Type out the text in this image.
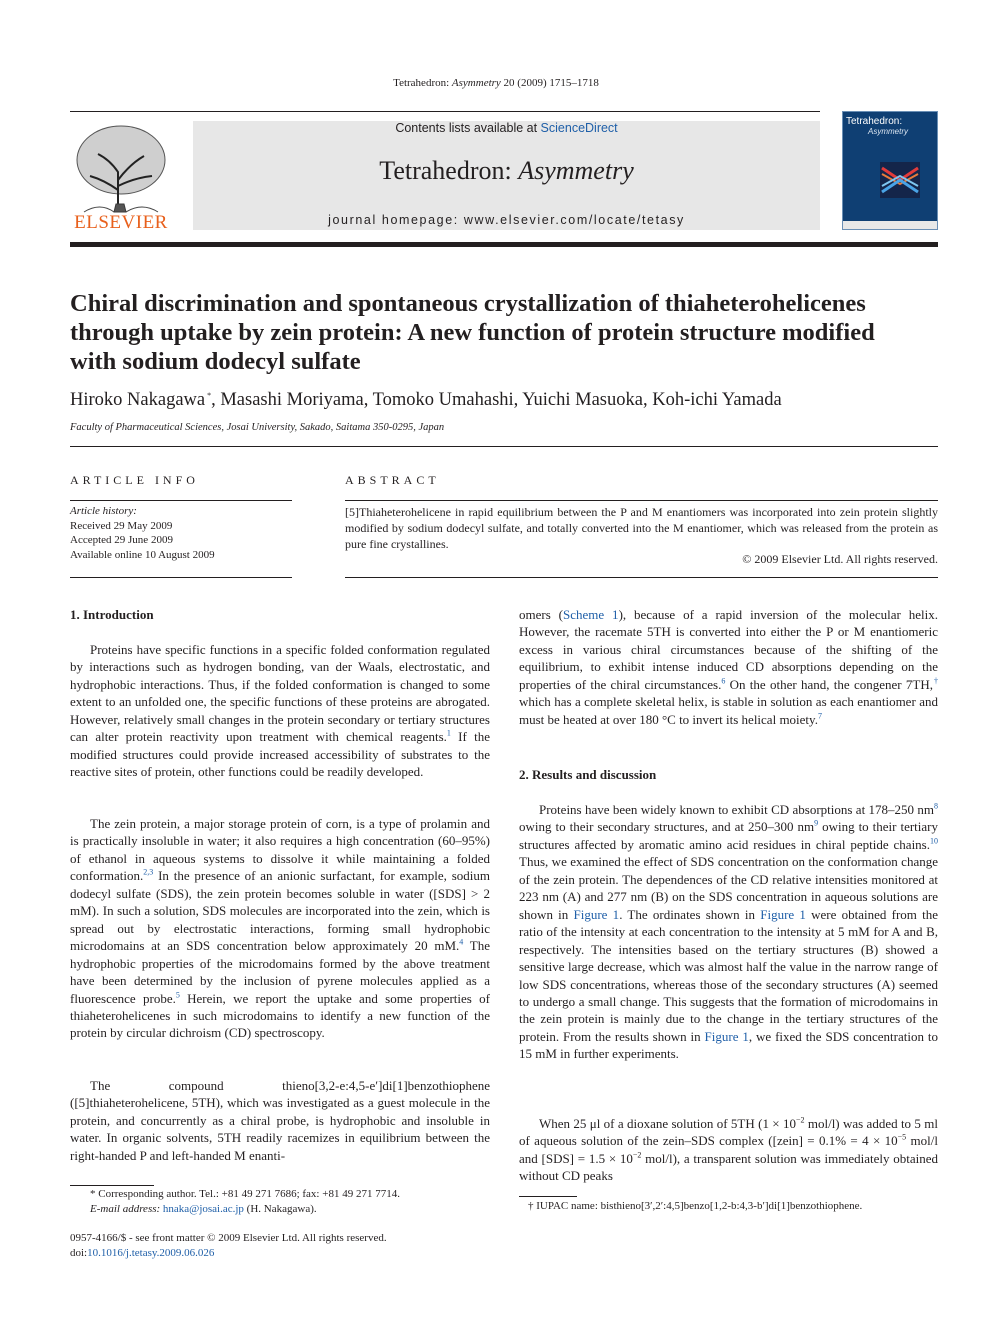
Tetrahedron: Asymmetry 20 (2009) 1715–1718
ELSEVIER
Contents lists available at ScienceDirect
Tetrahedron: Asymmetry
journal homepage: www.elsevier.com/locate/tetasy
Tetrahedron:
Asymmetry
Chiral discrimination and spontaneous crystallization of thiaheterohelicenes through uptake by zein protein: A new function of protein structure modified with sodium dodecyl sulfate
Hiroko Nakagawa *, Masashi Moriyama, Tomoko Umahashi, Yuichi Masuoka, Koh-ichi Yamada
Faculty of Pharmaceutical Sciences, Josai University, Sakado, Saitama 350-0295, Japan
ARTICLE INFO	ABSTRACT
Article history:
Received 29 May 2009
Accepted 29 June 2009
Available online 10 August 2009
[5]Thiaheterohelicene in rapid equilibrium between the P and M enantiomers was incorporated into zein protein slightly modified by sodium dodecyl sulfate, and totally converted into the M enantiomer, which was released from the protein as pure fine crystallines.
© 2009 Elsevier Ltd. All rights reserved.
1. Introduction
2. Results and discussion

Proteins have specific functions in a specific folded conformation regulated by interactions such as hydrogen bonding, van der Waals, electrostatic, and hydrophobic interactions. Thus, if the folded conformation is changed to some extent to an unfolded one, the specific functions of these proteins are abrogated. However, relatively small changes in the protein secondary or tertiary structures can alter protein reactivity upon treatment with chemical reagents.$^1$ If the modified structures could provide increased accessibility of substrates to the reactive sites of protein, other functions could be readily developed.

The zein protein, a major storage protein of corn, is a type of prolamin and is practically insoluble in water; it also requires a high concentration (60–95%) of ethanol in aqueous systems to dissolve it while maintaining a folded conformation.$^{2,3}$ In the presence of an anionic surfactant, for example, sodium dodecyl sulfate (SDS), the zein protein becomes soluble in water ([SDS] > 2 mM). In such a solution, SDS molecules are incorporated into the zein, which is spread out by electrostatic interactions, forming small hydrophobic microdomains at an SDS concentration below approximately 20 mM.$^4$ The hydrophobic properties of the microdomains formed by the above treatment have been determined by the inclusion of pyrene molecules applied as a fluorescence probe.$^5$ Herein, we report the uptake and some properties of thiaheterohelicenes in such microdomains to identify a new function of the protein by circular dichroism (CD) spectroscopy.

The compound thieno[3,2-e:4,5-e′]di[1]benzothiophene ([5]thiaheterohelicene, 5TH), which was investigated as a guest molecule in the protein, and concurrently as a chiral probe, is hydrophobic and insoluble in water. In organic solvents, 5TH readily racemizes in equilibrium between the right-handed P and left-handed M enanti-

omers (Scheme 1), because of a rapid inversion of the molecular helix. However, the racemate 5TH is converted into either the P or M enantiomeric excess in various chiral circumstances because of the shifting of the equilibrium, to exhibit intense induced CD absorptions depending on the properties of the chiral circumstances.$^6$ On the other hand, the congener 7TH,† which has a complete skeletal helix, is stable in solution as each enantiomer and must be heated at over 180 °C to invert its helical moiety.$^7$

Proteins have been widely known to exhibit CD absorptions at 178–250 $nm^8$ owing to their secondary structures, and at 250–300 $nm^9$ owing to their tertiary structures affected by aromatic amino acid residues in chiral peptide chains.$^{10}$ Thus, we examined the effect of SDS concentration on the conformation change of the zein protein. The dependences of the CD relative intensities monitored at 223 nm (A) and 277 nm (B) on the SDS concentration in aqueous solutions are shown in Figure 1. The ordinates shown in Figure 1 were obtained from the ratio of the intensity at each concentration to the intensity at 5 mM for A and B, respectively. The intensities based on the tertiary structures (B) showed a sensitive large decrease, which was almost half the value in the narrow range of low SDS concentrations, whereas those of the secondary structures (A) seemed to undergo a small change. This suggests that the formation of microdomains in the zein protein is mainly due to the change in the tertiary structures of the protein. From the results shown in Figure 1, we fixed the SDS concentration to 15 mM in further experiments.

When 25 μl of a dioxane solution of 5TH ($1 \times 10^{-2}$ mol/l) was added to 5 ml of aqueous solution of the zein–SDS complex ([zein] = $0.1\% = 4 \times 10^{-5}$ mol/l and $[SDS] = 1.5 \times 10^{-2}$ mol/l), a transparent solution was immediately obtained without CD peaks

* Corresponding author. Tel.: +81 49 271 7686; fax: +81 49 271 7714.
E-mail address: hnaka@josai.ac.jp (H. Nakagawa).	† IUPAC name: bisthieno[3′,2′:4,5]benzo[1,2-b:4,3-b′]di[1]benzothiophene.
0957-4166/$ - see front matter © 2009 Elsevier Ltd. All rights reserved.
doi:10.1016/j.tetasy.2009.06.026
